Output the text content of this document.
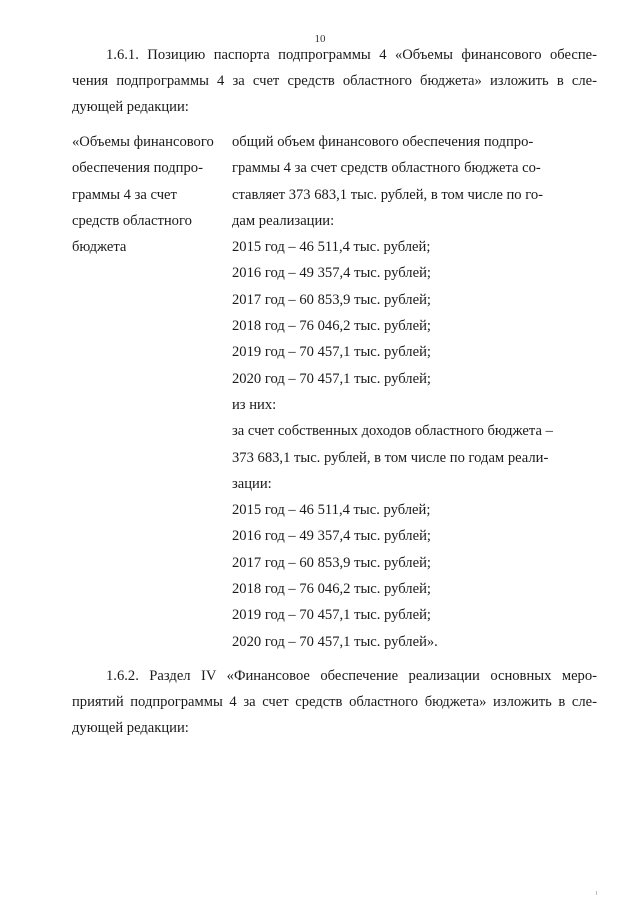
10
1.6.1. Позицию паспорта подпрограммы 4 «Объемы финансового обеспе-
чения подпрограммы 4 за счет средств областного бюджета» изложить в сле-
дующей редакции:
«Объемы финансового
обеспечения подпро-
граммы 4 за счет
средств областного
бюджета
общий объем финансового обеспечения подпро-
граммы 4 за счет средств областного бюджета со-
ставляет 373 683,1 тыс. рублей, в том числе по го-
дам реализации:
2015 год – 46 511,4 тыс. рублей;
2016 год – 49 357,4 тыс. рублей;
2017 год – 60 853,9 тыс. рублей;
2018 год – 76 046,2 тыс. рублей;
2019 год – 70 457,1 тыс. рублей;
2020 год – 70 457,1 тыс. рублей;
из них:
за счет собственных доходов областного бюджета –
373 683,1 тыс. рублей, в том числе по годам реали-
зации:
2015 год – 46 511,4 тыс. рублей;
2016 год – 49 357,4 тыс. рублей;
2017 год – 60 853,9 тыс. рублей;
2018 год – 76 046,2 тыс. рублей;
2019 год – 70 457,1 тыс. рублей;
2020 год – 70 457,1 тыс. рублей».
1.6.2. Раздел IV «Финансовое обеспечение реализации основных меро-
приятий подпрограммы 4 за счет средств областного бюджета» изложить в сле-
дующей редакции:
